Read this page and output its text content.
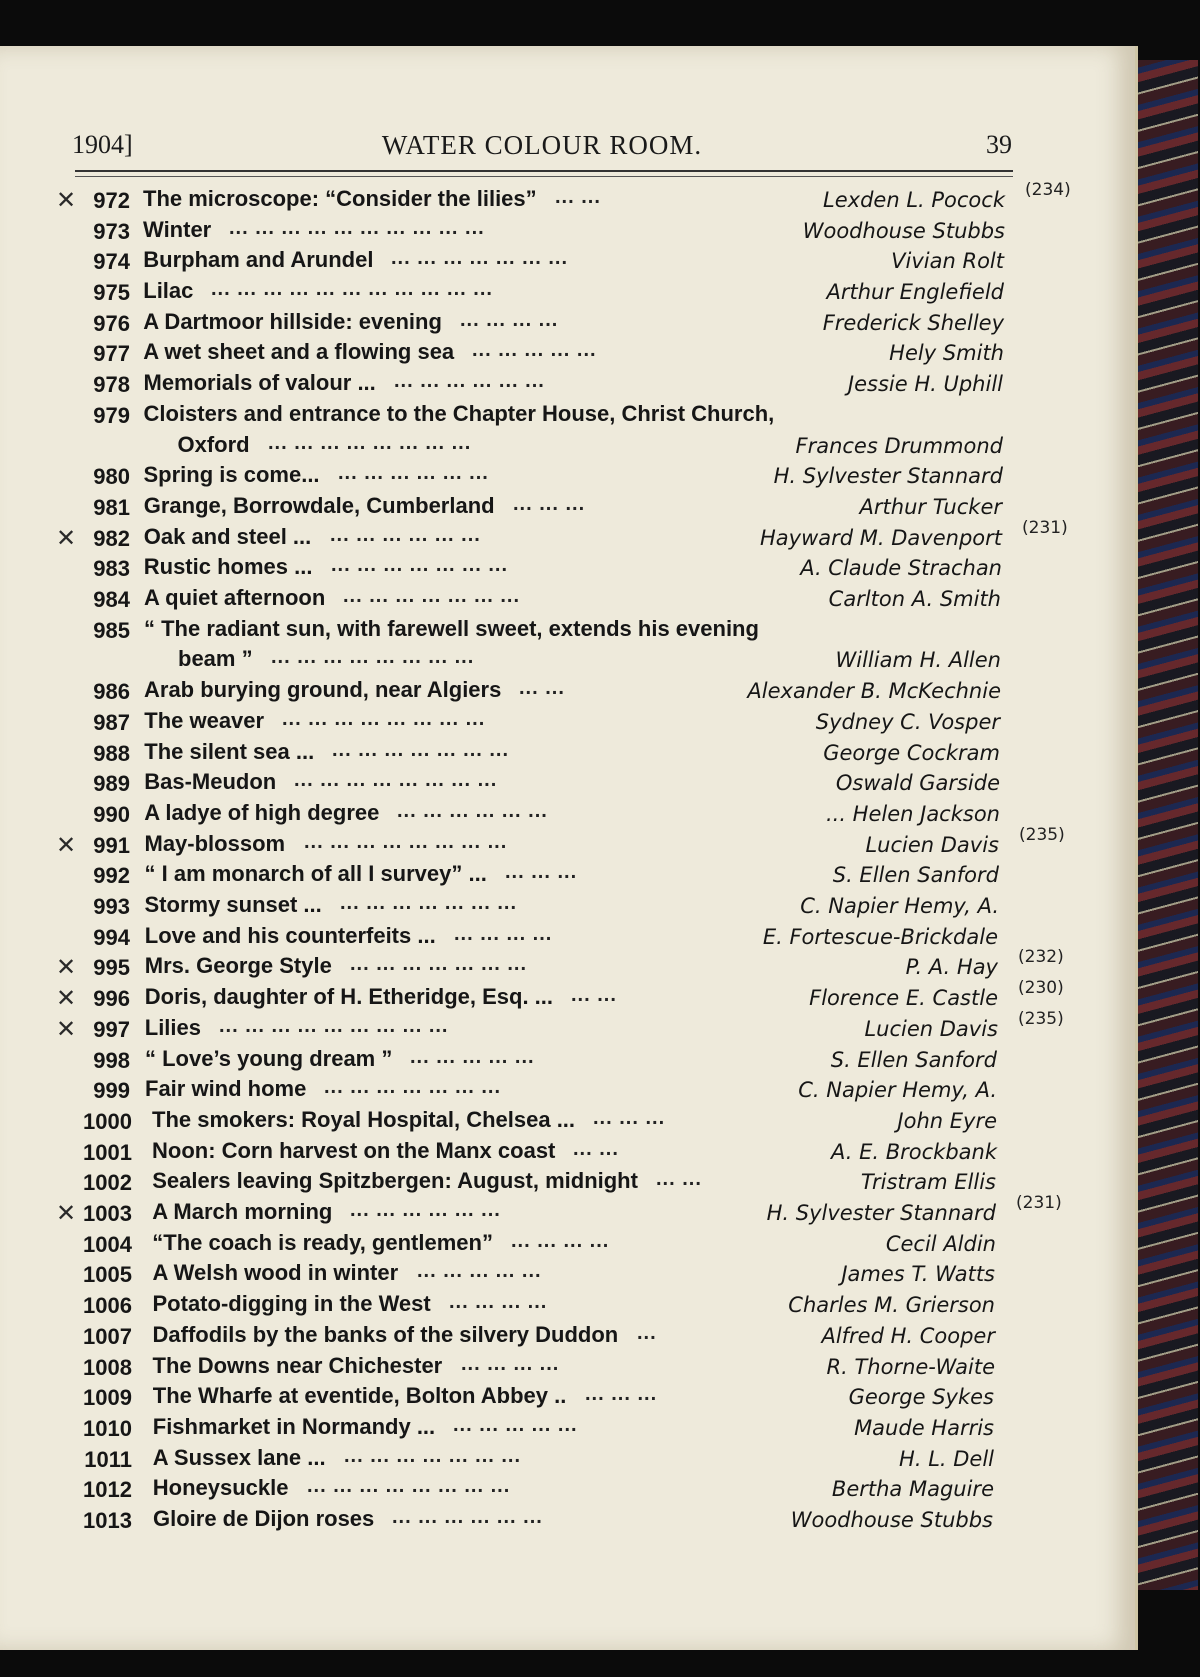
1904]	WATER COLOUR ROOM.	39
✕ 972 The microscope: “Consider the lilies” ... ...	Lexden L. Pocock (234)
973 Winter ... ... ... ... ... ... ... ... ... ...	Woodhouse Stubbs
974 Burpham and Arundel ... ... ... ... ... ... ...	Vivian Rolt
975 Lilac ... ... ... ... ... ... ... ... ... ... ...	Arthur Englefield
976 A Dartmoor hillside: evening ... ... ... ...	Frederick Shelley
977 A wet sheet and a flowing sea ... ... ... ... ...	Hely Smith
978 Memorials of valour ... ... ... ... ... ... ...	Jessie H. Uphill
979 Cloisters and entrance to the Chapter House, Christ Church,
Oxford ... ... ... ... ... ... ... ...	Frances Drummond
980 Spring is come... ... ... ... ... ... ...	H. Sylvester Stannard
981 Grange, Borrowdale, Cumberland ... ... ...	Arthur Tucker
✕ 982 Oak and steel ... ... ... ... ... ... ...	Hayward M. Davenport (231)
983 Rustic homes ... ... ... ... ... ... ... ...	A. Claude Strachan
984 A quiet afternoon ... ... ... ... ... ... ...	Carlton A. Smith
985 “ The radiant sun, with farewell sweet, extends his evening
beam ” ... ... ... ... ... ... ... ...	William H. Allen
986 Arab burying ground, near Algiers ... ...	Alexander B. McKechnie
987 The weaver ... ... ... ... ... ... ... ...	Sydney C. Vosper
988 The silent sea ... ... ... ... ... ... ... ...	George Cockram
989 Bas-Meudon ... ... ... ... ... ... ... ...	Oswald Garside
990 A ladye of high degree ... ... ... ... ... ...	... Helen Jackson
✕ 991 May-blossom ... ... ... ... ... ... ... ...	Lucien Davis (235)
992 “ I am monarch of all I survey” ... ... ... ...	S. Ellen Sanford
993 Stormy sunset ... ... ... ... ... ... ... ...	C. Napier Hemy, A.
994 Love and his counterfeits ... ... ... ... ...	E. Fortescue-Brickdale
✕ 995 Mrs. George Style ... ... ... ... ... ... ...	P. A. Hay (232)
✕ 996 Doris, daughter of H. Etheridge, Esq. ... ... ...	Florence E. Castle (230)
✕ 997 Lilies ... ... ... ... ... ... ... ... ...	Lucien Davis (235)
998 “ Love’s young dream ” ... ... ... ... ...	S. Ellen Sanford
999 Fair wind home ... ... ... ... ... ... ...	C. Napier Hemy, A.
1000 The smokers: Royal Hospital, Chelsea ... ... ... ...	John Eyre
1001 Noon: Corn harvest on the Manx coast ... ...	A. E. Brockbank
1002 Sealers leaving Spitzbergen: August, midnight ... ...	Tristram Ellis
✕ 1003 A March morning ... ... ... ... ... ...	H. Sylvester Stannard (231)
1004 “The coach is ready, gentlemen” ... ... ... ...	Cecil Aldin
1005 A Welsh wood in winter ... ... ... ... ...	James T. Watts
1006 Potato-digging in the West ... ... ... ...	Charles M. Grierson
1007 Daffodils by the banks of the silvery Duddon ...	Alfred H. Cooper
1008 The Downs near Chichester ... ... ... ...	R. Thorne-Waite
1009 The Wharfe at eventide, Bolton Abbey .. ... ... ...	George Sykes
1010 Fishmarket in Normandy ... ... ... ... ... ...	Maude Harris
1011 A Sussex lane ... ... ... ... ... ... ... ...	H. L. Dell
1012 Honeysuckle ... ... ... ... ... ... ... ...	Bertha Maguire
1013 Gloire de Dijon roses ... ... ... ... ... ...	Woodhouse Stubbs
